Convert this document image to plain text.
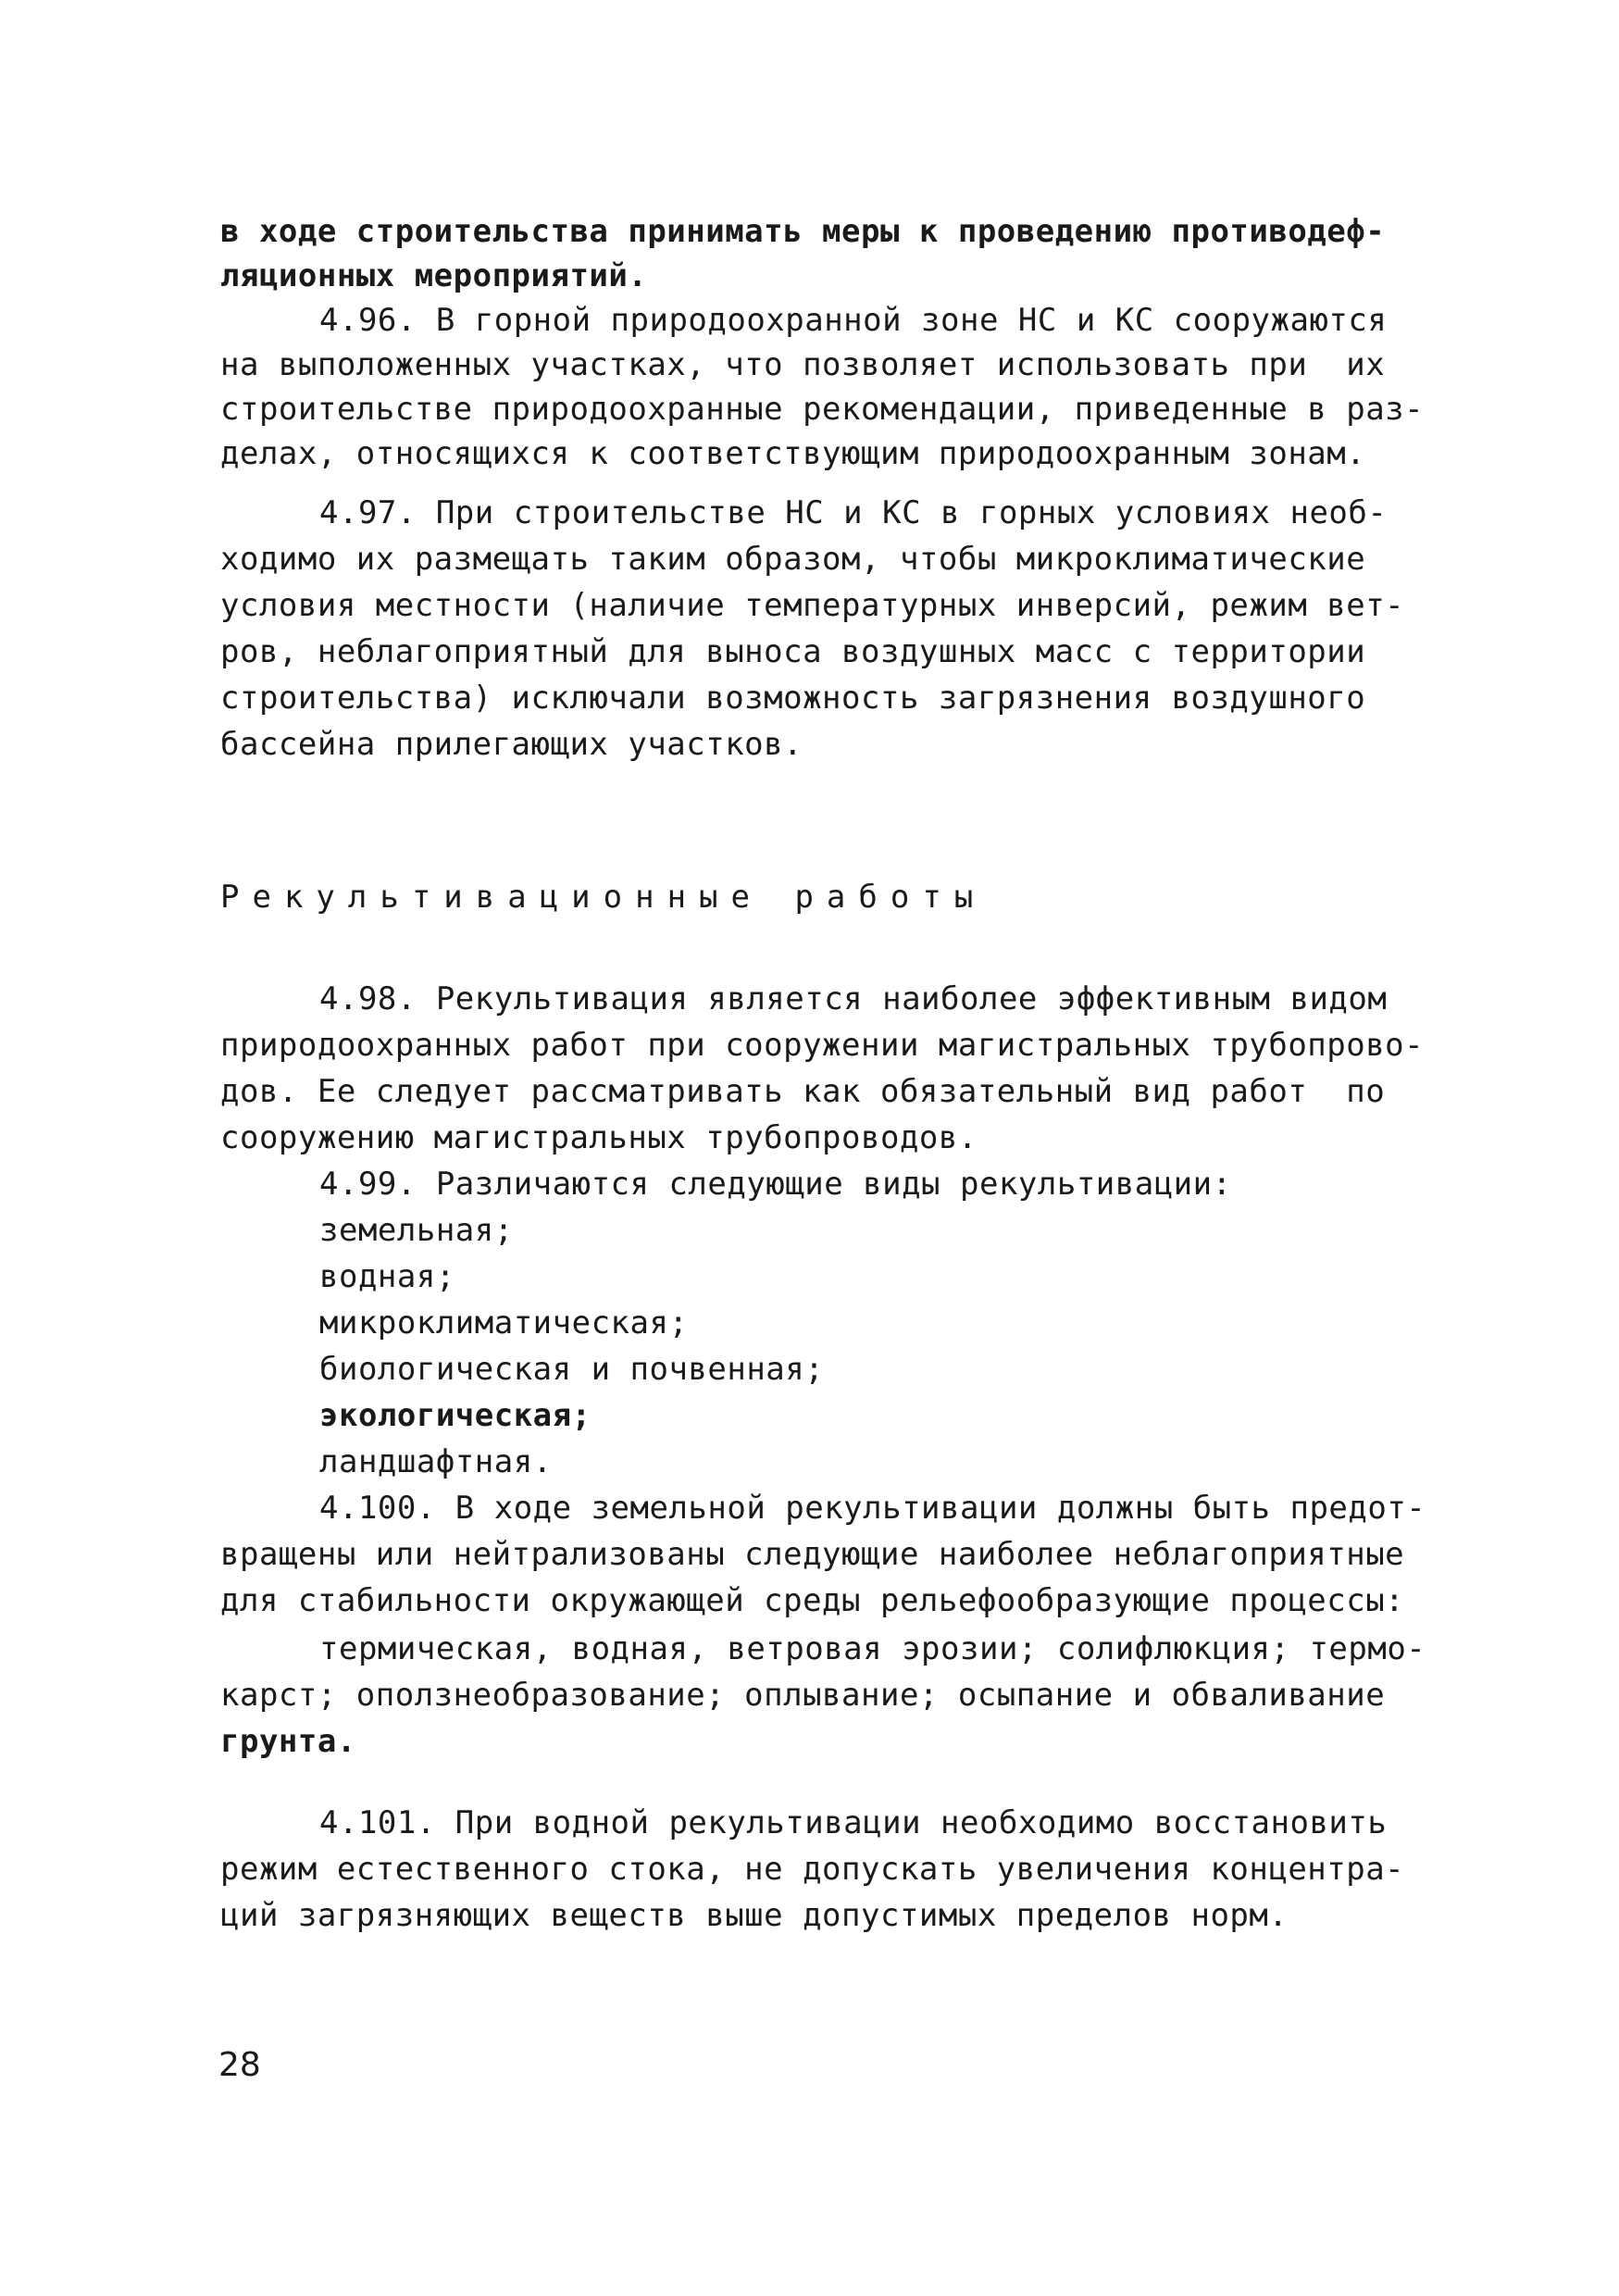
в ходе строительства принимать меры к проведению противодеф-
ляционных мероприятий.
4.96. В горной природоохранной зоне НС и КС сооружаются
на выположенных участках, что позволяет использовать при  их
строительстве природоохранные рекомендации, приведенные в раз-
делах, относящихся к соответствующим природоохранным зонам.
4.97. При строительстве НС и КС в горных условиях необ-
ходимо их размещать таким образом, чтобы микроклиматические
условия местности (наличие температурных инверсий, режим вет-
ров, неблагоприятный для выноса воздушных масс с территории
строительства) исключали возможность загрязнения воздушного
бассейна прилегающих участков.
Рекультивационные работы
4.98. Рекультивация является наиболее эффективным видом
природоохранных работ при сооружении магистральных трубопрово-
дов. Ее следует рассматривать как обязательный вид работ  по
сооружению магистральных трубопроводов.
4.99. Различаются следующие виды рекультивации:
земельная;
водная;
микроклиматическая;
биологическая и почвенная;
экологическая;
ландшафтная.
4.100. В ходе земельной рекультивации должны быть предот-
вращены или нейтрализованы следующие наиболее неблагоприятные
для стабильности окружающей среды рельефообразующие процессы:
термическая, водная, ветровая эрозии; солифлюкция; термо-
карст; оползнеобразование; оплывание; осыпание и обваливание
грунта.
4.101. При водной рекультивации необходимо восстановить
режим естественного стока, не допускать увеличения концентра-
ций загрязняющих веществ выше допустимых пределов норм.
28
